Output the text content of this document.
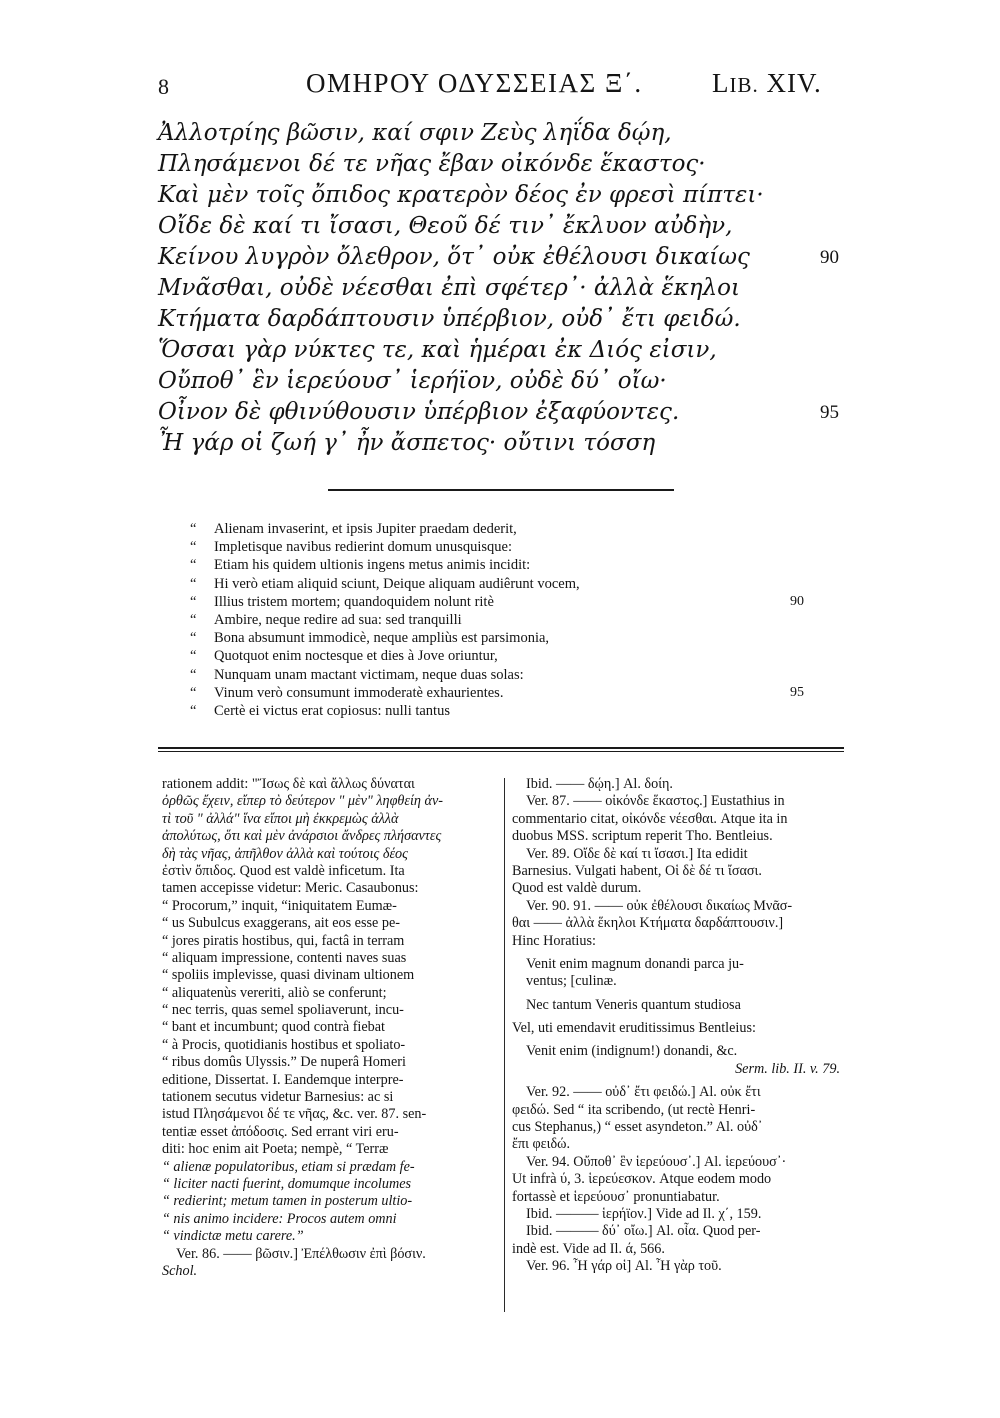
8	ΟΜΗΡΟΥ ΟΔΥΣΣΕΙΑΣ Ξ΄.	LIB. XIV.
Ἀλλοτρίης βῶσιν, καί σφιν Ζεὺς ληΐδα δῴη,
Πλησάμενοι δέ τε νῆας ἔβαν οἰκόνδε ἕκαστος·
Καὶ μὲν τοῖς ὄπιδος κρατερὸν δέος ἐν φρεσὶ πίπτει·
Οἴδε δὲ καί τι ἴσασι, Θεοῦ δέ τιν᾽ ἔκλυον αὐδὴν,
Κείνου λυγρὸν ὄλεθρον, ὅτ᾽ οὐκ ἐθέλουσι δικαίως	90
Μνᾶσθαι, οὐδὲ νέεσθαι ἐπὶ σφέτερ᾽· ἀλλὰ ἕκηλοι
Κτήματα δαρδάπτουσιν ὑπέρβιον, οὐδ᾽ ἔτι φειδώ.
Ὅσσαι γὰρ νύκτες τε, καὶ ἡμέραι ἐκ Διός εἰσιν,
Οὔποθ᾽ ἓν ἱερεύουσ᾽ ἱερήϊον, οὐδὲ δύ᾽ οἴω·
Οἶνον δὲ φθινύθουσιν ὑπέρβιον ἐξαφύοντες.	95
Ἦ γάρ οἱ ζωή γ᾽ ἦν ἄσπετος· οὔτινι τόσση
“ Alienam invaserint, et ipsis Jupiter praedam dederit,
“ Impletisque navibus redierint domum unusquisque:
“ Etiam his quidem ultionis ingens metus animis incidit:
“ Hi verò etiam aliquid sciunt, Deique aliquam audiêrunt vocem,
“ Illius tristem mortem; quandoquidem nolunt ritè	90
“ Ambire, neque redire ad sua: sed tranquilli
“ Bona absumunt immodicè, neque ampliùs est parsimonia,
“ Quotquot enim noctesque et dies à Jove oriuntur,
“ Nunquam unam mactant victimam, neque duas solas:
“ Vinum verò consumunt immoderatè exhaurientes.	95
“ Certè ei victus erat copiosus: nulli tantus
rationem addit: "Ἴσως δὲ καὶ ἄλλως δύναται
ὀρθῶς ἔχειν, εἴπερ τὸ δεύτερον " μὲν" ληφθείη ἀν-
τὶ τοῦ " ἀλλά" ἵνα εἴποι μὴ ἐκκρεμὼς ἀλλὰ
ἀπολύτως, ὅτι καὶ μὲν ἀνάρσιοι ἄνδρες πλήσαντες
δὴ τὰς νῆας, ἀπῆλθον ἀλλὰ καὶ τούτοις δέος
ἐστὶν ὄπιδος. Quod est valdè inficetum. Ita
tamen accepisse videtur: Meric. Casaubonus:
“ Procorum,” inquit, “iniquitatem Eumæ-
“ us Subulcus exaggerans, ait eos esse pe-
“ jores piratis hostibus, qui, factâ in terram
“ aliquam impressione, contenti naves suas
“ spoliis implevisse, quasi divinam ultionem
“ aliquatenùs vereriti, aliò se conferunt;
“ nec terris, quas semel spoliaverunt, incu-
“ bant et incumbunt; quod contrà fiebat
“ à Procis, quotidianis hostibus et spoliato-
“ ribus domûs Ulyssis.” De nuperâ Homeri
editione, Dissertat. I. Eandemque interpre-
tationem secutus videtur Barnesius: ac si
istud Πλησάμενοι δέ τε νῆας, &c. ver. 87. sen-
tentiæ esset ἀπόδοσις. Sed errant viri eru-
diti: hoc enim ait Poeta; nempè, “ Terræ
“ alienæ populatoribus, etiam si prædam fe-
“ liciter nacti fuerint, domumque incolumes
“ redierint; metum tamen in posterum ultio-
“ nis animo incidere: Procos autem omni
“ vindictæ metu carere.”
Ver. 86. —— βῶσιν.] Ἐπέλθωσιν ἐπὶ βόσιν.
Schol.
Ibid. —— δῴη.] Al. δοίη.
Ver. 87. —— οἰκόνδε ἕκαστος.] Eustathius in
commentario citat, οἰκόνδε νέεσθαι. Atque ita in
duobus MSS. scriptum reperit Tho. Bentleius.
Ver. 89. Οἴδε δὲ καί τι ἴσασι.] Ita edidit
Barnesius. Vulgati habent, Οἱ δὲ δέ τι ἴσασι.
Quod est valdè durum.
Ver. 90. 91. —— οὐκ ἐθέλουσι δικαίως Μνᾶσ-
θαι —— ἀλλὰ ἕκηλοι Κτήματα δαρδάπτουσιν.]
Hinc Horatius:
Venit enim magnum donandi parca ju-
ventus; [culinæ.
Nec tantum Veneris quantum studiosa
Vel, uti emendavit eruditissimus Bentleius:
Venit enim (indignum!) donandi, &c.
Serm. lib. II. v. 79.
Ver. 92. —— οὐδ᾽ ἔτι φειδώ.] Al. οὐκ ἔτι
φειδώ. Sed “ ita scribendo, (ut rectè Henri-
cus Stephanus,) “ esset asyndeton.” Al. οὐδ᾽
ἔπι φειδώ.
Ver. 94. Οὔποθ᾽ ἓν ἱερεύουσ᾽.] Al. ἱερεύουσ᾽·
Ut infrà ύ, 3. ἱερεύεσκον. Atque eodem modo
fortassè et ἱερεύουσ᾽ pronuntiabatur.
Ibid. ——— ἱερήϊον.] Vide ad Il. χ΄, 159.
Ibid. ——— δύ᾽ οἴω.] Al. οἶα. Quod per-
indè est. Vide ad Il. ά, 566.
Ver. 96. Ἦ γάρ οἱ] Al. Ἦ γὰρ τοῦ.
